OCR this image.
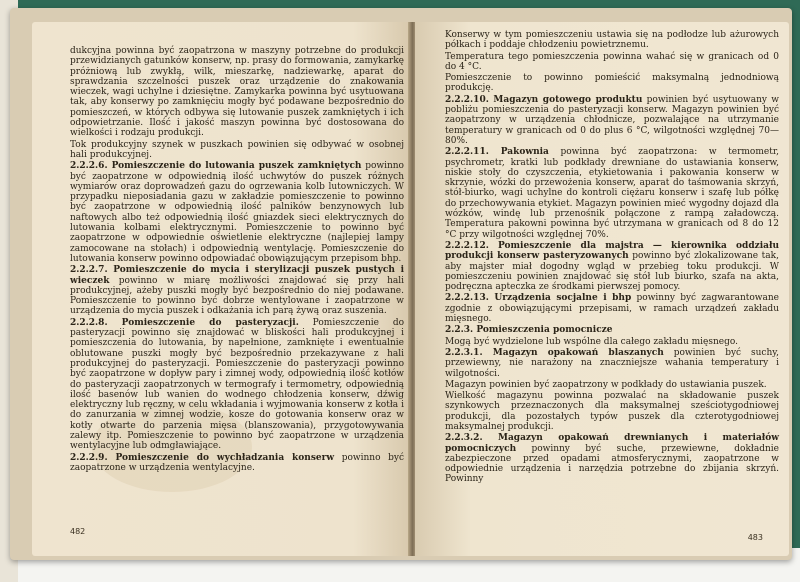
dukcyjna powinna być zaopatrzona w maszyny potrzebne do produkcji przewidzianych gatunków konserw, np. prasy do formowania, zamykarkę próżniową lub zwykłą, wilk, mieszarkę, nadziewarkę, aparat do sprawdzania szczelności puszek oraz urządzenie do znakowania wieczek, wagi uchylne i dziesiętne. Zamykarka powinna być usytuowana tak, aby konserwy po zamknięciu mogły być podawane bezpośrednio do pomieszczeń, w których odbywa się lutowanie puszek zamkniętych i ich odpowietrzanie. Ilość i jakość maszyn powinna być dostosowana do wielkości i rodzaju produkcji.

Tok produkcyjny szynek w puszkach powinien się odbywać w osobnej hali produkcyjnej.

2.2.2.6. Pomieszczenie do lutowania puszek zamkniętych powinno być zaopatrzone w odpowiednią ilość uchwytów do puszek różnych wymiarów oraz doprowadzeń gazu do ogrzewania kolb lutowniczych. W przypadku nieposiadania gazu w zakładzie pomieszczenie to powinno być zaopatrzone w odpowiednią ilość palników benzynowych lub naftowych albo też odpowiednią ilość gniazdek sieci elektrycznych do lutowania kolbami elektrycznymi. Pomieszczenie to powinno być zaopatrzone w odpowiednie oświetlenie elektryczne (najlepiej lampy zamocowane na stołach) i odpowiednią wentylację. Pomieszczenie do lutowania konserw powinno odpowiadać obowiązującym przepisom bhp.

2.2.2.7. Pomieszczenie do mycia i sterylizacji puszek pustych i wieczek powinno w miarę możliwości znajdować się przy hali produkcyjnej, ażeby puszki mogły być bezpośrednio do niej podawane. Pomieszczenie to powinno być dobrze wentylowane i zaopatrzone w urządzenia do mycia puszek i odkażania ich parą żywą oraz suszenia.

2.2.2.8. Pomieszczenie do pasteryzacji. Pomieszczenie do pasteryzacji powinno się znajdować w bliskości hali produkcyjnej i pomieszczenia do lutowania, by napełnione, zamknięte i ewentualnie oblutowane puszki mogły być bezpośrednio przekazywane z hali produkcyjnej do pasteryzacji. Pomieszczenie do pasteryzacji powinno być zaopatrzone w dopływ pary i zimnej wody, odpowiednią ilość kotłów do pasteryzacji zaopatrzonych w termografy i termometry, odpowiednią ilość basenów lub wanien do wodnego chłodzenia konserw, dźwig elektryczny lub ręczny, w celu wkładania i wyjmowania konserw z kotła i do zanurzania w zimnej wodzie, kosze do gotowania konserw oraz w kotły otwarte do parzenia mięsa (blanszowania), przygotowywania zalewy itp. Pomieszczenie to powinno być zaopatrzone w urządzenia wentylacyjne lub odmgławiające.

2.2.2.9. Pomieszczenie do wychładzania konserw powinno być zaopatrzone w urządzenia wentylacyjne.

482

Konserwy w tym pomieszczeniu ustawia się na podłodze lub ażurowych półkach i poddaje chłodzeniu powietrznemu.

Temperatura tego pomieszczenia powinna wahać się w granicach od 0 do 4 °C.

Pomieszczenie to powinno pomieścić maksymalną jednodniową produkcję.

2.2.2.10. Magazyn gotowego produktu powinien być usytuowany w pobliżu pomieszczenia do pasteryzacji konserw. Magazyn powinien być zaopatrzony w urządzenia chłodnicze, pozwalające na utrzymanie temperatury w granicach od 0 do plus 6 °C, wilgotności względnej 70—80%.

2.2.2.11. Pakownia powinna być zaopatrzona: w termometr, psychrometr, kratki lub podkłady drewniane do ustawiania konserw, niskie stoły do czyszczenia, etykietowania i pakowania konserw w skrzynie, wózki do przewożenia konserw, aparat do taśmowania skrzyń, stół-biurko, wagi uchylne do kontroli ciężaru konserw i szafę lub półkę do przechowywania etykiet. Magazyn powinien mieć wygodny dojazd dla wózków, windę lub przenośnik połączone z rampą załadowczą. Temperatura pakowni powinna być utrzymana w granicach od 8 do 12 °C przy wilgotności względnej 70%.

2.2.2.12. Pomieszczenie dla majstra — kierownika oddziału produkcji konserw pasteryzowanych powinno być zlokalizowane tak, aby majster miał dogodny wgląd w przebieg toku produkcji. W pomieszczeniu powinien znajdować się stół lub biurko, szafa na akta, podręczna apteczka ze środkami pierwszej pomocy.

2.2.2.13. Urządzenia socjalne i bhp powinny być zagwarantowane zgodnie z obowiązującymi przepisami, w ramach urządzeń zakładu mięsnego.

2.2.3. Pomieszczenia pomocnicze

Mogą być wydzielone lub wspólne dla całego zakładu mięsnego.

2.2.3.1. Magazyn opakowań blaszanych powinien być suchy, przewiewny, nie narażony na znaczniejsze wahania temperatury i wilgotności.

Magazyn powinien być zaopatrzony w podkłady do ustawiania puszek.

Wielkość magazynu powinna pozwalać na składowanie puszek szynkowych przeznaczonych dla maksymalnej sześciotygodniowej produkcji, dla pozostałych typów puszek dla czterotygodniowej maksymalnej produkcji.

2.2.3.2. Magazyn opakowań drewnianych i materiałów pomocniczych powinny być suche, przewiewne, dokładnie zabezpieczone przed opadami atmosferycznymi, zaopatrzone w odpowiednie urządzenia i narzędzia potrzebne do zbijania skrzyń. Powinny

483
